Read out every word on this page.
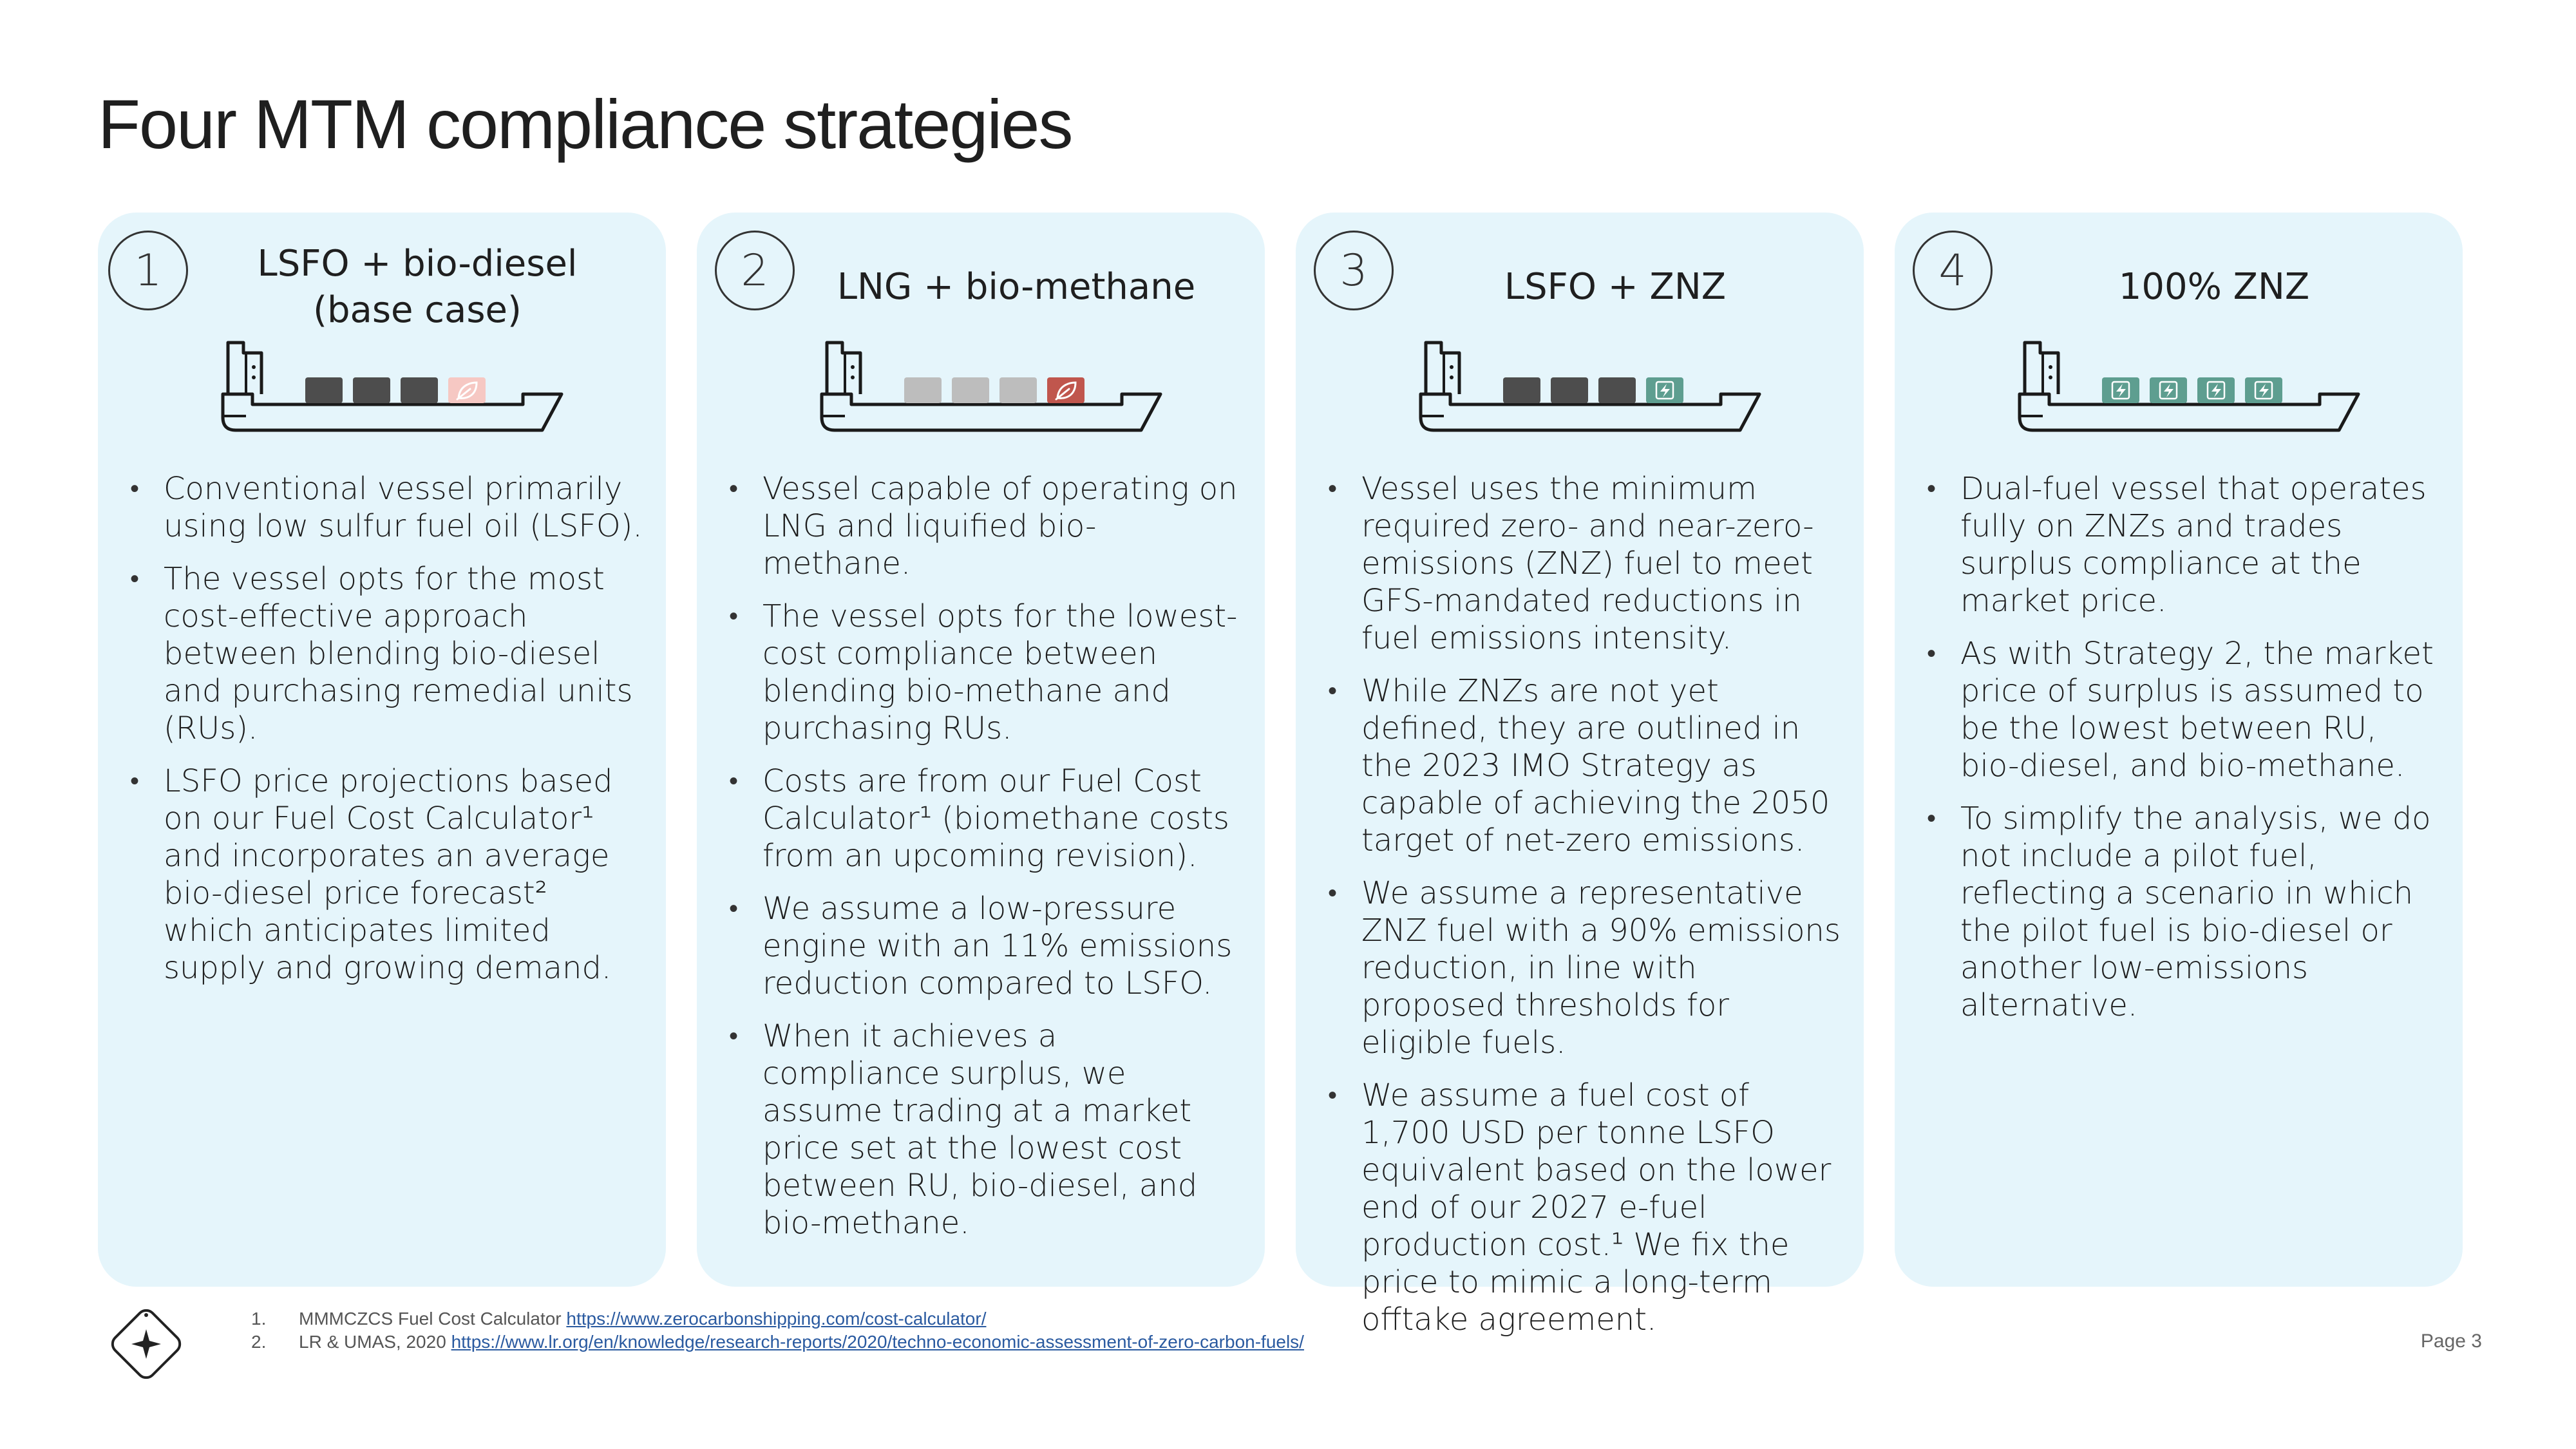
Four MTM compliance strategies
1	LSFO + bio-diesel
(base case)
• Conventional vessel primarily using low sulfur fuel oil (LSFO).
• The vessel opts for the most cost-effective approach between blending bio-diesel and purchasing remedial units (RUs).
• LSFO price projections based on our Fuel Cost Calculator¹ and incorporates an average bio-diesel price forecast² which anticipates limited supply and growing demand.
2	LNG + bio-methane
• Vessel capable of operating on LNG and liquified bio-methane.
• The vessel opts for the lowest-cost compliance between blending bio-methane and purchasing RUs.
• Costs are from our Fuel Cost Calculator¹ (biomethane costs from an upcoming revision).
• We assume a low-pressure engine with an 11% emissions reduction compared to LSFO.
• When it achieves a compliance surplus, we assume trading at a market price set at the lowest cost between RU, bio-diesel, and bio-methane.
3	LSFO + ZNZ
• Vessel uses the minimum required zero- and near-zero-emissions (ZNZ) fuel to meet GFS-mandated reductions in fuel emissions intensity.
• While ZNZs are not yet defined, they are outlined in the 2023 IMO Strategy as capable of achieving the 2050 target of net-zero emissions.
• We assume a representative ZNZ fuel with a 90% emissions reduction, in line with proposed thresholds for eligible fuels.
• We assume a fuel cost of 1,700 USD per tonne LSFO equivalent based on the lower end of our 2027 e-fuel production cost.¹ We fix the price to mimic a long-term offtake agreement.
4	100% ZNZ
• Dual-fuel vessel that operates fully on ZNZs and trades surplus compliance at the market price.
• As with Strategy 2, the market price of surplus is assumed to be the lowest between RU, bio-diesel, and bio-methane.
• To simplify the analysis, we do not include a pilot fuel, reflecting a scenario in which the pilot fuel is bio-diesel or another low-emissions alternative.
1.	MMMCZCS Fuel Cost Calculator https://www.zerocarbonshipping.com/cost-calculator/
2.	LR & UMAS, 2020 https://www.lr.org/en/knowledge/research-reports/2020/techno-economic-assessment-of-zero-carbon-fuels/	Page 3
